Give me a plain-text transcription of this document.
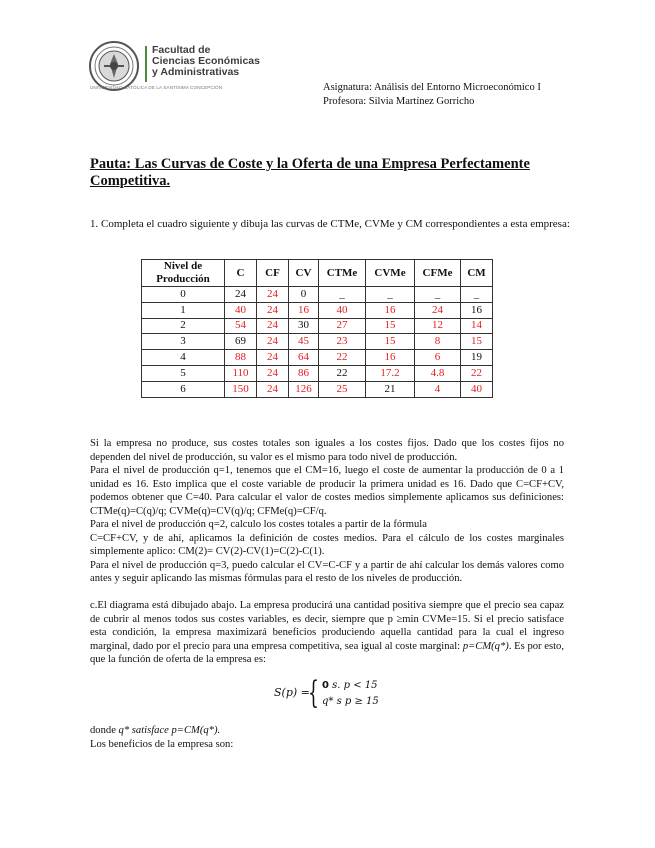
Facultad de
Ciencias Económicas
y Administrativas
UNIVERSIDAD CATÓLICA DE LA SANTÍSIMA CONCEPCIÓN	Asignatura: Análisis del Entorno Microeconómico I
Profesora: Silvia Martínez Gorricho
Pauta: Las Curvas de Coste y la Oferta de una Empresa Perfectamente Competitiva.
1. Completa el cuadro siguiente y dibuja las curvas de CTMe, CVMe y CM correspondientes a esta empresa:
Nivel de Producción	C	CF	CV	CTMe	CVMe	CFMe	CM
0	24	24	0	_	_	_	_
1	40	24	16	40	16	24	16
2	54	24	30	27	15	12	14
3	69	24	45	23	15	8	15
4	88	24	64	22	16	6	19
5	110	24	86	22	17.2	4.8	22
6	150	24	126	25	21	4	40
Si la empresa no produce, sus costes totales son iguales a los costes fijos. Dado que los costes fijos no dependen del nivel de producción, su valor es el mismo para todo nivel de producción.
Para el nivel de producción q=1, tenemos que el CM=16, luego el coste de aumentar la producción de 0 a 1 unidad es 16. Esto implica que el coste variable de producir la primera unidad es 16. Dado que C=CF+CV, podemos obtener que C=40. Para calcular el valor de costes medios simplemente aplicamos sus definiciones: CTMe(q)=C(q)/q; CVMe(q)=CV(q)/q; CFMe(q)=CF/q.
Para el nivel de producción q=2, calculo los costes totales a partir de la fórmula
C=CF+CV, y de ahí, aplicamos la definición de costes medios. Para el cálculo de los costes marginales simplemente aplico: CM(2)= CV(2)-CV(1)=C(2)-C(1).
Para el nivel de producción q=3, puedo calcular el CV=C-CF y a partir de ahí calcular los demás valores como antes y seguir aplicando las mismas fórmulas para el resto de los niveles de producción.
c.El diagrama está dibujado abajo. La empresa producirá una cantidad positiva siempre que el precio sea capaz de cubrir al menos todos sus costes variables, es decir, siempre que p ≥min CVMe=15. Si el precio satisface esta condición, la empresa maximizará beneficios produciendo aquella cantidad para la cual el ingreso marginal, dado por el precio para una empresa competitiva, sea igual al coste marginal: p=CM(q*). Es por esto, que la función de oferta de la empresa es:
S(p) =
{ 0 s. p < 15
q* s p ≥ 15
donde q* satisface p=CM(q*).
Los beneficios de la empresa son:
